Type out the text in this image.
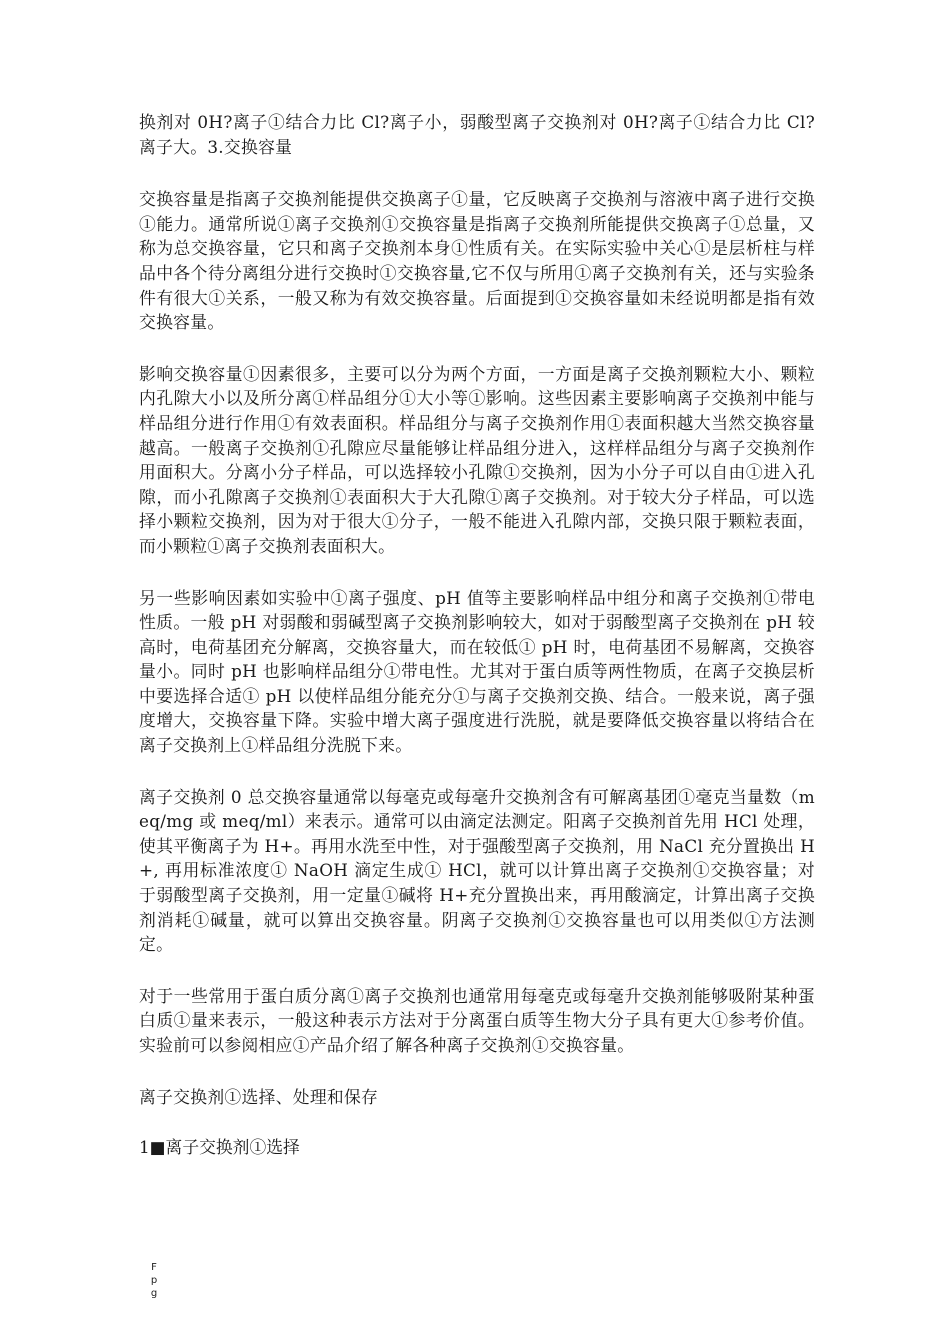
换剂对 0H?离子①结合力比 Cl?离子小，弱酸型离子交换剂对 0H?离子①结合力比 Cl?离子大。3.交换容量

交换容量是指离子交换剂能提供交换离子①量，它反映离子交换剂与溶液中离子进行交换①能力。通常所说①离子交换剂①交换容量是指离子交换剂所能提供交换离子①总量，又称为总交换容量，它只和离子交换剂本身①性质有关。在实际实验中关心①是层析柱与样品中各个待分离组分进行交换时①交换容量,它不仅与所用①离子交换剂有关，还与实验条件有很大①关系，一般又称为有效交换容量。后面提到①交换容量如未经说明都是指有效交换容量。

影响交换容量①因素很多，主要可以分为两个方面，一方面是离子交换剂颗粒大小、颗粒内孔隙大小以及所分离①样品组分①大小等①影响。这些因素主要影响离子交换剂中能与样品组分进行作用①有效表面积。样品组分与离子交换剂作用①表面积越大当然交换容量越高。一般离子交换剂①孔隙应尽量能够让样品组分进入，这样样品组分与离子交换剂作用面积大。分离小分子样品，可以选择较小孔隙①交换剂，因为小分子可以自由①进入孔隙，而小孔隙离子交换剂①表面积大于大孔隙①离子交换剂。对于较大分子样品，可以选择小颗粒交换剂，因为对于很大①分子，一般不能进入孔隙内部，交换只限于颗粒表面，而小颗粒①离子交换剂表面积大。

另一些影响因素如实验中①离子强度、pH 值等主要影响样品中组分和离子交换剂①带电性质。一般 pH 对弱酸和弱碱型离子交换剂影响较大，如对于弱酸型离子交换剂在 pH 较高时，电荷基团充分解离，交换容量大，而在较低① pH 时，电荷基团不易解离，交换容量小。同时 pH 也影响样品组分①带电性。尤其对于蛋白质等两性物质，在离子交换层析中要选择合适① pH 以使样品组分能充分①与离子交换剂交换、结合。一般来说，离子强度增大，交换容量下降。实验中增大离子强度进行洗脱，就是要降低交换容量以将结合在离子交换剂上①样品组分洗脱下来。

离子交换剂 0 总交换容量通常以每毫克或每毫升交换剂含有可解离基团①毫克当量数（meq/mg 或 meq/ml）来表示。通常可以由滴定法测定。阳离子交换剂首先用 HCl 处理，使其平衡离子为 H+。再用水洗至中性，对于强酸型离子交换剂，用 NaCl 充分置换出 H+, 再用标准浓度① NaOH 滴定生成① HCl，就可以计算出离子交换剂①交换容量；对于弱酸型离子交换剂，用一定量①碱将 H+充分置换出来，再用酸滴定，计算出离子交换剂消耗①碱量，就可以算出交换容量。阴离子交换剂①交换容量也可以用类似①方法测定。

对于一些常用于蛋白质分离①离子交换剂也通常用每毫克或每毫升交换剂能够吸附某种蛋白质①量来表示，一般这种表示方法对于分离蛋白质等生物大分子具有更大①参考价值。实验前可以参阅相应①产品介绍了解各种离子交换剂①交换容量。

离子交换剂①选择、处理和保存

1■离子交换剂①选择

F
p
g
